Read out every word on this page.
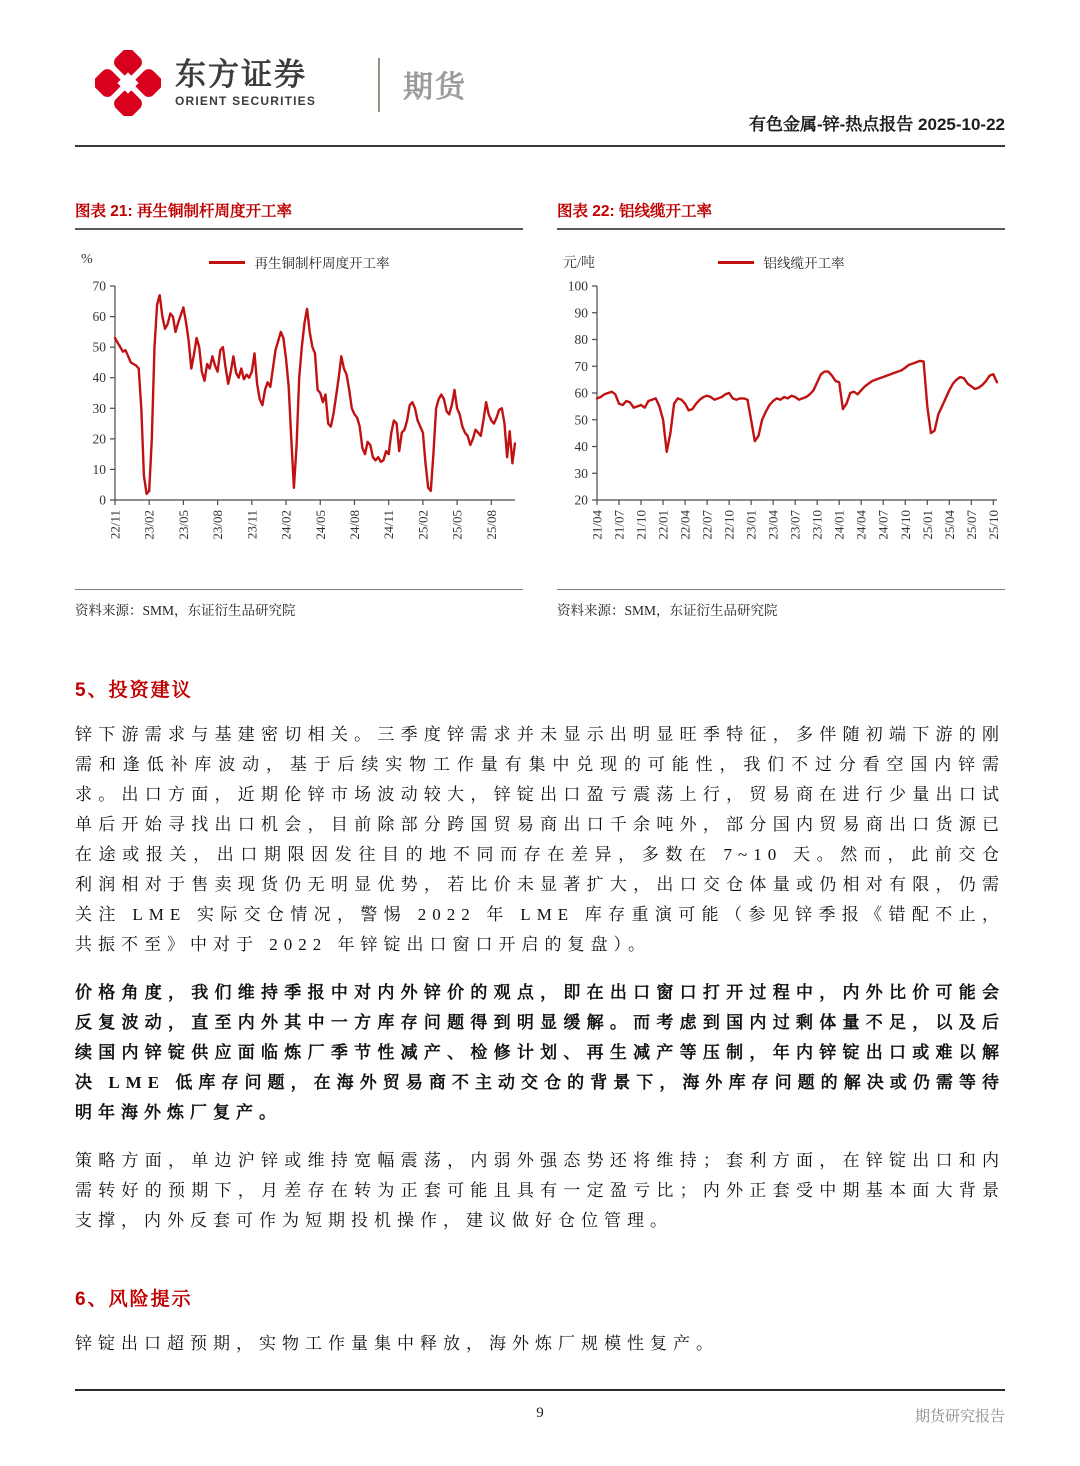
东方证券
ORIENT SECURITIES	期货
有色金属-锌-热点报告 2025-10-22
图表 21: 再生铜制杆周度开工率
%	再生铜制杆周度开工率
0
10
20
30
40
50
60
70
22/11 23/02 23/05 23/08 23/11 24/02 24/05 24/08 24/11 25/02 25/05 25/08
资料来源：SMM，东证衍生品研究院
图表 22: 铝线缆开工率
元/吨	铝线缆开工率
20
30
40
50
60
70
80
90
100
21/04 21/07 21/10 22/01 22/04 22/07 22/10 23/01 23/04 23/07 23/10 24/01 24/04 24/07 24/10 25/01 25/04 25/07 25/10
资料来源：SMM，东证衍生品研究院
5、投资建议

锌下游需求与基建密切相关。三季度锌需求并未显示出明显旺季特征，多伴随初端下游的刚需和逢低补库波动，基于后续实物工作量有集中兑现的可能性，我们不过分看空国内锌需求。出口方面，近期伦锌市场波动较大，锌锭出口盈亏震荡上行，贸易商在进行少量出口试单后开始寻找出口机会，目前除部分跨国贸易商出口千余吨外，部分国内贸易商出口货源已在途或报关，出口期限因发往目的地不同而存在差异，多数在 7~10 天。然而，此前交仓利润相对于售卖现货仍无明显优势，若比价未显著扩大，出口交仓体量或仍相对有限，仍需关注 LME 实际交仓情况，警惕 2022 年 LME 库存重演可能（参见锌季报《错配不止，共振不至》中对于 2022 年锌锭出口窗口开启的复盘）。

价格角度，我们维持季报中对内外锌价的观点，即在出口窗口打开过程中，内外比价可能会反复波动，直至内外其中一方库存问题得到明显缓解。而考虑到国内过剩体量不足，以及后续国内锌锭供应面临炼厂季节性减产、检修计划、再生减产等压制，年内锌锭出口或难以解决 LME 低库存问题，在海外贸易商不主动交仓的背景下，海外库存问题的解决或仍需等待明年海外炼厂复产。

策略方面，单边沪锌或维持宽幅震荡，内弱外强态势还将维持；套利方面，在锌锭出口和内需转好的预期下，月差存在转为正套可能且具有一定盈亏比；内外正套受中期基本面大背景支撑，内外反套可作为短期投机操作，建议做好仓位管理。

6、风险提示

锌锭出口超预期，实物工作量集中释放，海外炼厂规模性复产。

9	期货研究报告
